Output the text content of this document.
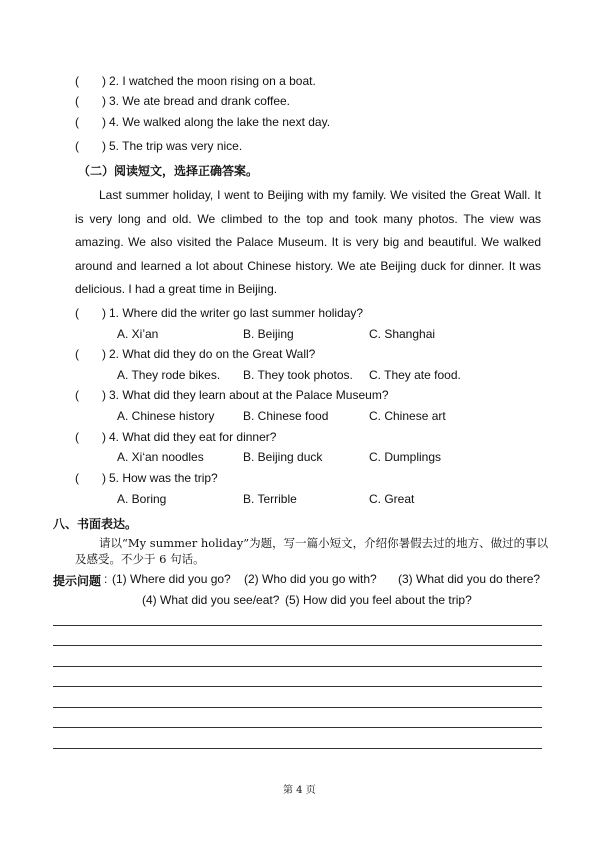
( ) 2. I watched the moon rising on a boat.
( ) 3. We ate bread and drank coffee.
( ) 4. We walked along the lake the next day.
( ) 5. The trip was very nice.
（二）阅读短文，选择正确答案。
Last summer holiday, I went to Beijing with my family. We visited the Great Wall. It is very long and old. We climbed to the top and took many photos. The view was amazing. We also visited the Palace Museum. It is very big and beautiful. We walked around and learned a lot about Chinese history. We ate Beijing duck for dinner. It was delicious. I had a great time in Beijing.
( ) 1. Where did the writer go last summer holiday?
A. Xi’an	B. Beijing	C. Shanghai
( ) 2. What did they do on the Great Wall?
A. They rode bikes. B. They took photos. C. They ate food.
( ) 3. What did they learn about at the Palace Museum?
A. Chinese history B. Chinese food	C. Chinese art
( ) 4. What did they eat for dinner?
A. Xi‘an noodles	B. Beijing duck	C. Dumplings
( ) 5. How was the trip?
A. Boring	B. Terrible	C. Great
八、书面表达。
请以“My summer holiday”为题，写一篇小短文，介绍你暑假去过的地方、做过的事以
及感受。不少于 6 句话。
提示问题 : (1) Where did you go? (2) Who did you go with? (3) What did you do there?
(4) What did you see/eat? (5) How did you feel about the trip?
第 4 页
